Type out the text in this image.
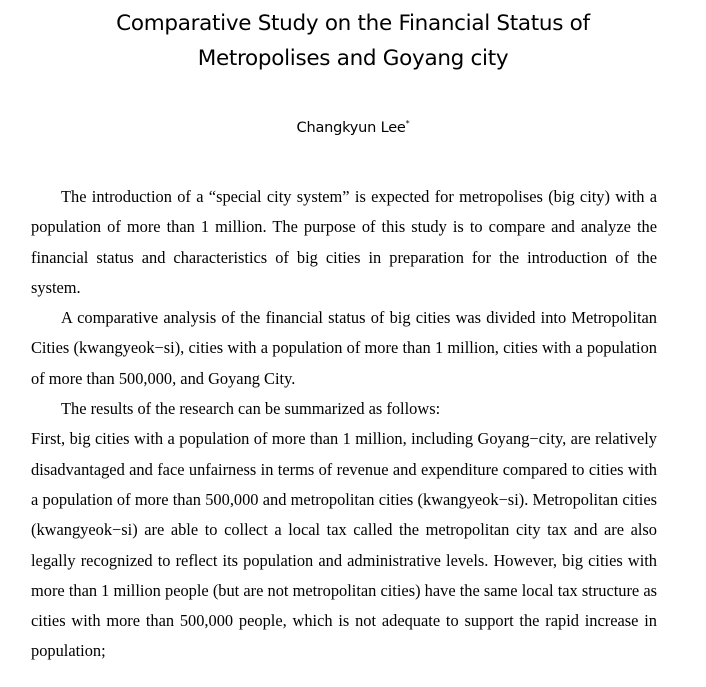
Comparative Study on the Financial Status of
Metropolises and Goyang city
Changkyun Lee*

The introduction of a “special city system” is expected for metropolises (big city) with a population of more than 1 million. The purpose of this study is to compare and analyze the financial status and characteristics of big cities in preparation for the introduction of the system.

A comparative analysis of the financial status of big cities was divided into Metropolitan Cities (kwangyeok−si), cities with a population of more than 1 million, cities with a population of more than 500,000, and Goyang City.

The results of the research can be summarized as follows:

First, big cities with a population of more than 1 million, including Goyang−city, are relatively disadvantaged and face unfairness in terms of revenue and expenditure compared to cities with a population of more than 500,000 and metropolitan cities (kwangyeok−si). Metropolitan cities (kwangyeok−si) are able to collect a local tax called the metropolitan city tax and are also legally recognized to reflect its population and administrative levels. However, big cities with more than 1 million people (but are not metropolitan cities) have the same local tax structure as cities with more than 500,000 people, which is not adequate to support the rapid increase in population;
